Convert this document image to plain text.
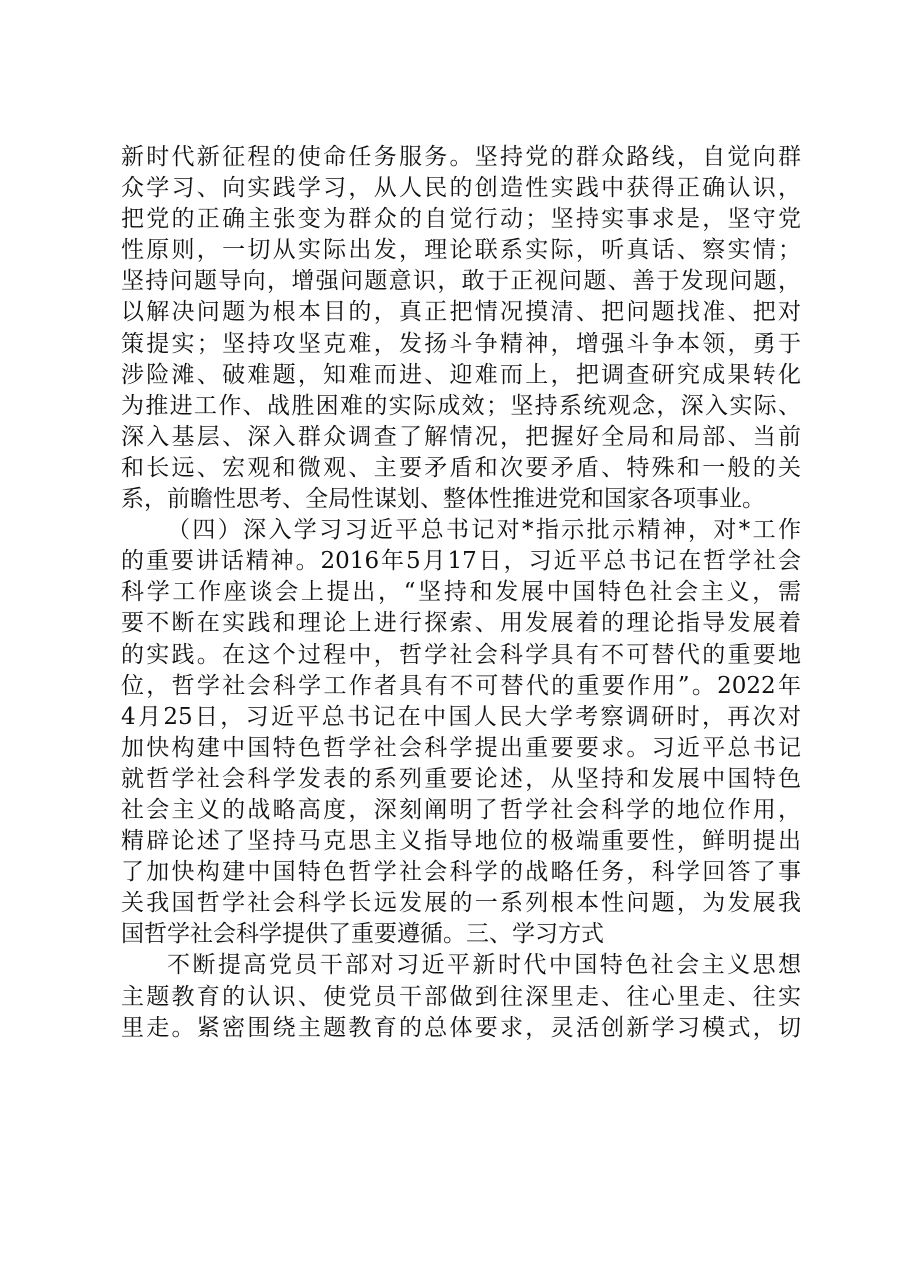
新时代新征程的使命任务服务。坚持党的群众路线，自觉向群
众学习、向实践学习，从人民的创造性实践中获得正确认识，
把党的正确主张变为群众的自觉行动；坚持实事求是，坚守党
性原则，一切从实际出发，理论联系实际，听真话、察实情；
坚持问题导向，增强问题意识，敢于正视问题、善于发现问题，
以解决问题为根本目的，真正把情况摸清、把问题找准、把对
策提实；坚持攻坚克难，发扬斗争精神，增强斗争本领，勇于
涉险滩、破难题，知难而进、迎难而上，把调查研究成果转化
为推进工作、战胜困难的实际成效；坚持系统观念，深入实际、
深入基层、深入群众调查了解情况，把握好全局和局部、当前
和长远、宏观和微观、主要矛盾和次要矛盾、特殊和一般的关
系，前瞻性思考、全局性谋划、整体性推进党和国家各项事业。
（四）深入学习习近平总书记对*指示批示精神，对*工作
的重要讲话精神。2016年5月17日，习近平总书记在哲学社会
科学工作座谈会上提出，“坚持和发展中国特色社会主义，需
要不断在实践和理论上进行探索、用发展着的理论指导发展着
的实践。在这个过程中，哲学社会科学具有不可替代的重要地
位，哲学社会科学工作者具有不可替代的重要作用”。2022年
4月25日，习近平总书记在中国人民大学考察调研时，再次对
加快构建中国特色哲学社会科学提出重要要求。习近平总书记
就哲学社会科学发表的系列重要论述，从坚持和发展中国特色
社会主义的战略高度，深刻阐明了哲学社会科学的地位作用，
精辟论述了坚持马克思主义指导地位的极端重要性，鲜明提出
了加快构建中国特色哲学社会科学的战略任务，科学回答了事
关我国哲学社会科学长远发展的一系列根本性问题，为发展我
国哲学社会科学提供了重要遵循。三、学习方式
不断提高党员干部对习近平新时代中国特色社会主义思想
主题教育的认识、使党员干部做到往深里走、往心里走、往实
里走。紧密围绕主题教育的总体要求，灵活创新学习模式，切
